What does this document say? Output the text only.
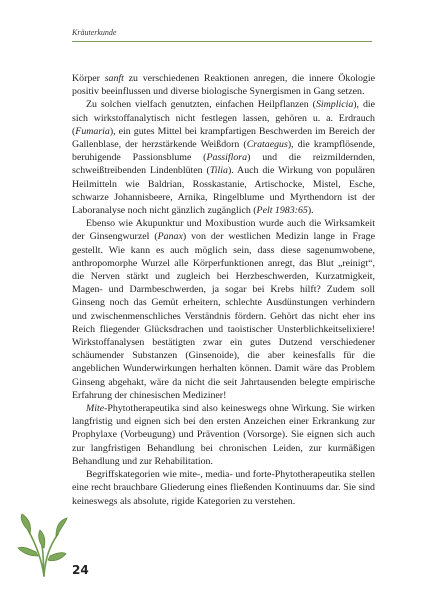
Kräuterkunde

Körper sanft zu verschiedenen Reaktionen anregen, die innere Ökologie positiv beeinflussen und diverse biologische Synergismen in Gang setzen.

Zu solchen vielfach genutzten, einfachen Heilpflanzen (Simplicia), die sich wirkstoffanalytisch nicht festlegen lassen, gehören u. a. Erdrauch (Fumaria), ein gutes Mittel bei krampfartigen Beschwerden im Bereich der Gallenblase, der herzstärkende Weißdorn (Crataegus), die krampflösende, beruhigende Passionsblume (Passiflora) und die reizmildernden, schweißtreibenden Lindenblüten (Tilia). Auch die Wirkung von populären Heilmitteln wie Baldrian, Rosskastanie, Artischocke, Mistel, Esche, schwarze Johannisbeere, Arnika, Ringelblume und Myrthendorn ist der Laboranalyse noch nicht gänzlich zugänglich (Pelt 1983:65).

Ebenso wie Akupunktur und Moxibustion wurde auch die Wirksamkeit der Ginsengwurzel (Panax) von der westlichen Medizin lange in Frage gestellt. Wie kann es auch möglich sein, dass diese sagenumwobene, anthropomorphe Wurzel alle Körperfunktionen anregt, das Blut „reinigt“, die Nerven stärkt und zugleich bei Herzbeschwerden, Kurzatmigkeit, Magen- und Darmbeschwerden, ja sogar bei Krebs hilft? Zudem soll Ginseng noch das Gemüt erheitern, schlechte Ausdünstungen verhindern und zwischenmenschliches Verständnis fördern. Gehört das nicht eher ins Reich fliegender Glücksdrachen und taoistischer Unsterblichkeitselixiere! Wirkstoffanalysen bestätigten zwar ein gutes Dutzend verschiedener schäumender Substanzen (Ginsenoide), die aber keinesfalls für die angeblichen Wunderwirkungen herhalten können. Damit wäre das Problem Ginseng abgehakt, wäre da nicht die seit Jahrtausenden belegte empirische Erfahrung der chinesischen Mediziner!

Mite-Phytotherapeutika sind also keineswegs ohne Wirkung. Sie wirken langfristig und eignen sich bei den ersten Anzeichen einer Erkrankung zur Prophylaxe (Vorbeugung) und Prävention (Vorsorge). Sie eignen sich auch zur langfristigen Behandlung bei chronischen Leiden, zur kurmäßigen Behandlung und zur Rehabilitation.

Begriffskategorien wie mite-, media- und forte-Phytotherapeutika stellen eine recht brauchbare Gliederung eines fließenden Kontinuums dar. Sie sind keineswegs als absolute, rigide Kategorien zu verstehen.

24
